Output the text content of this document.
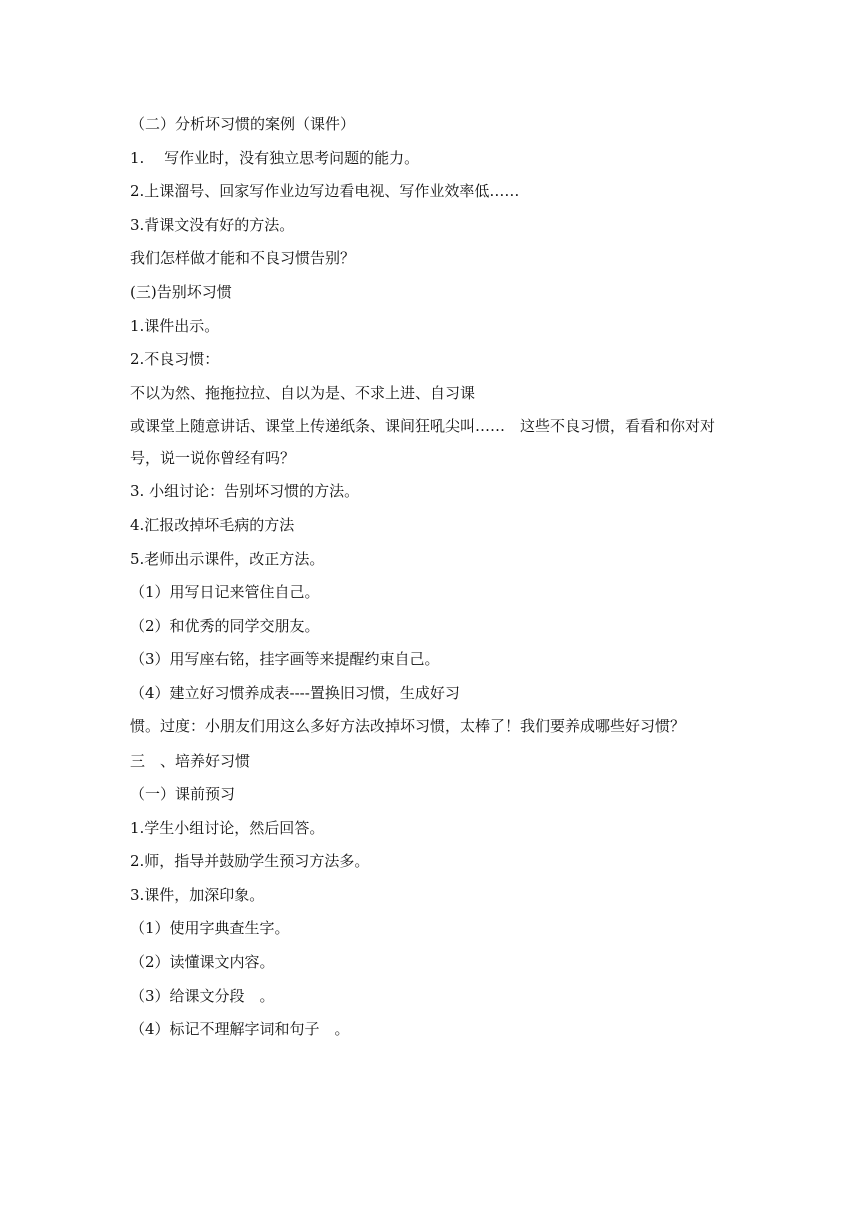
（二）分析坏习惯的案例（课件）
1.　 写作业时，没有独立思考问题的能力。
2.上课溜号、回家写作业边写边看电视、写作业效率低……
3.背课文没有好的方法。
我们怎样做才能和不良习惯告别？
(三)告别坏习惯
1.课件出示。
2.不良习惯：
不以为然、拖拖拉拉、自以为是、不求上进、自习课
或课堂上随意讲话、课堂上传递纸条、课间狂吼尖叫……　这些不良习惯，看看和你对对号，说一说你曾经有吗？
3. 小组讨论：告别坏习惯的方法。
4.汇报改掉坏毛病的方法
5.老师出示课件，改正方法。
（1）用写日记来管住自己。
（2）和优秀的同学交朋友。
（3）用写座右铭，挂字画等来提醒约束自己。
（4）建立好习惯养成表----置换旧习惯，生成好习
惯。过度：小朋友们用这么多好方法改掉坏习惯，太棒了！我们要养成哪些好习惯？
三　、培养好习惯
（一）课前预习
1.学生小组讨论，然后回答。
2.师，指导并鼓励学生预习方法多。
3.课件，加深印象。
（1）使用字典查生字。
（2）读懂课文内容。
（3）给课文分段　。
（4）标记不理解字词和句子　。
